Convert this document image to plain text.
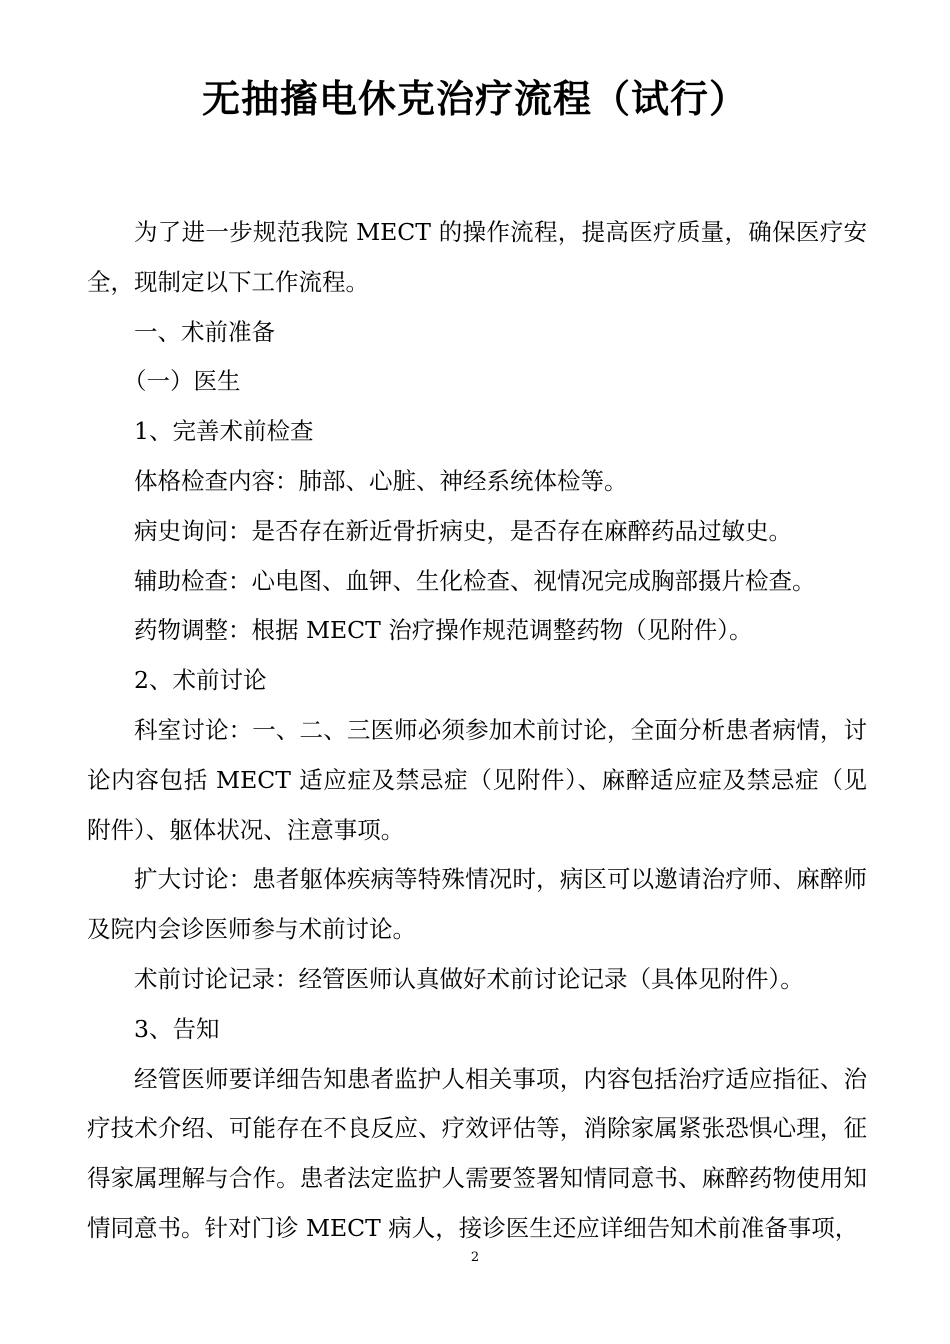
无抽搐电休克治疗流程（试行）

为了进一步规范我院 MECT 的操作流程，提高医疗质量，确保医疗安全，现制定以下工作流程。

一、术前准备

（一）医生

1、完善术前检查

体格检查内容：肺部、心脏、神经系统体检等。

病史询问：是否存在新近骨折病史，是否存在麻醉药品过敏史。

辅助检查：心电图、血钾、生化检查、视情况完成胸部摄片检查。

药物调整：根据 MECT 治疗操作规范调整药物（见附件）。

2、术前讨论

科室讨论：一、二、三医师必须参加术前讨论，全面分析患者病情，讨论内容包括 MECT 适应症及禁忌症（见附件）、麻醉适应症及禁忌症（见附件）、躯体状况、注意事项。

扩大讨论：患者躯体疾病等特殊情况时，病区可以邀请治疗师、麻醉师及院内会诊医师参与术前讨论。

术前讨论记录：经管医师认真做好术前讨论记录（具体见附件）。

3、告知

经管医师要详细告知患者监护人相关事项，内容包括治疗适应指征、治疗技术介绍、可能存在不良反应、疗效评估等，消除家属紧张恐惧心理，征得家属理解与合作。患者法定监护人需要签署知情同意书、麻醉药物使用知情同意书。针对门诊 MECT 病人，接诊医生还应详细告知术前准备事项，

2
